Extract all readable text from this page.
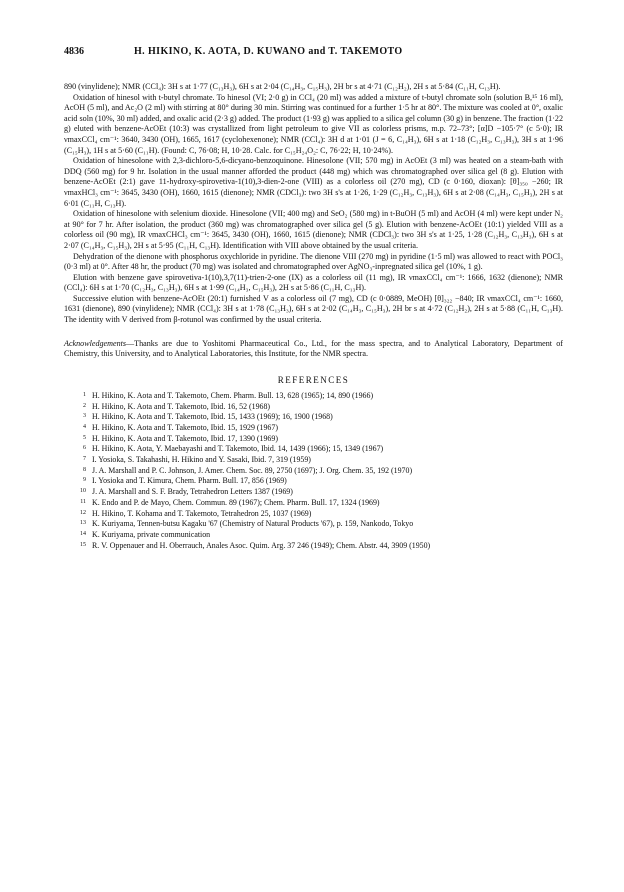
4836	H. HIKINO, K. AOTA, D. KUWANO and T. TAKEMOTO

890 (vinylidene); NMR (CCl₄): 3H s at 1·77 (C₁₃H₃), 6H s at 2·04 (C₁₄H₃, C₁₅H₃), 2H br s at 4·71 (C₁₂H₂), 2H s at 5·84 (C₁₁H, C₁₃H).

Oxidation of hinesol with t-butyl chromate. To hinesol (VI; 2·0 g) in CCl₄ (20 ml) was added a mixture of t-butyl chromate soln (solution B,¹⁵ 16 ml), AcOH (5 ml), and Ac₂O (2 ml) with stirring at 80° during 30 min. Stirring was continued for a further 1·5 hr at 80°. The mixture was cooled at 0°, oxalic acid soln (10%, 30 ml) added, and oxalic acid (2·3 g) added. The product (1·93 g) was applied to a silica gel column (30 g) in benzene. The fraction (1·22 g) eluted with benzene-AcOEt (10:3) was crystallized from light petroleum to give VII as colorless prisms, m.p. 72–73°; [α]D −105·7° (c 5·0); IR νmaxCCl₄ cm⁻¹: 3640, 3430 (OH), 1665, 1617 (cyclohexenone); NMR (CCl₄): 3H d at 1·01 (J = 6, C₁₄H₃), 6H s at 1·18 (C₁₂H₃, C₁₃H₃), 3H s at 1·96 (C₁₅H₃), 1H s at 5·60 (C₁₁H). (Found: C, 76·08; H, 10·28. Calc. for C₁₅H₂₄O₂: C, 76·22; H, 10·24%).

Oxidation of hinesolone with 2,3-dichloro-5,6-dicyano-benzoquinone. Hinesolone (VII; 570 mg) in AcOEt (3 ml) was heated on a steam-bath with DDQ (560 mg) for 9 hr. Isolation in the usual manner afforded the product (448 mg) which was chromatographed over silica gel (8 g). Elution with benzene-AcOEt (2:1) gave 11-hydroxy-spirovetiva-1(10),3-dien-2-one (VIII) as a colorless oil (270 mg), CD (c 0·160, dioxan): [θ]₃₅₀ −260; IR νmaxHCl₃ cm⁻¹: 3645, 3430 (OH), 1660, 1615 (dienone); NMR (CDCl₃): two 3H s's at 1·26, 1·29 (C₁₂H₃, C₁₃H₃), 6H s at 2·08 (C₁₄H₃, C₁₅H₃), 2H s at 6·01 (C₁₁H, C₁₃H).

Oxidation of hinesolone with selenium dioxide. Hinesolone (VII; 400 mg) and SeO₂ (580 mg) in t-BuOH (5 ml) and AcOH (4 ml) were kept under N₂ at 90° for 7 hr. After isolation, the product (360 mg) was chromatographed over silica gel (5 g). Elution with benzene-AcOEt (10:1) yielded VIII as a colorless oil (90 mg), IR νmaxCHCl₃ cm⁻¹: 3645, 3430 (OH), 1660, 1615 (dienone); NMR (CDCl₃): two 3H s's at 1·25, 1·28 (C₁₂H₃, C₁₃H₃), 6H s at 2·07 (C₁₄H₃, C₁₅H₃), 2H s at 5·95 (C₁₁H, C₁₃H). Identification with VIII above obtained by the usual criteria.

Dehydration of the dienone with phosphorus oxychloride in pyridine. The dienone VIII (270 mg) in pyridine (1·5 ml) was allowed to react with POCl₃ (0·3 ml) at 0°. After 48 hr, the product (70 mg) was isolated and chromatographed over AgNO₃-inpregnated silica gel (10%, 1 g).

Elution with benzene gave spirovetiva-1(10),3,7(11)-trien-2-one (IX) as a colorless oil (11 mg), IR νmaxCCl₄ cm⁻¹: 1666, 1632 (dienone); NMR (CCl₄): 6H s at 1·70 (C₁₂H₃, C₁₃H₃), 6H s at 1·99 (C₁₄H₃, C₁₅H₃), 2H s at 5·86 (C₁₁H, C₁₃H).

Successive elution with benzene-AcOEt (20:1) furnished V as a colorless oil (7 mg), CD (c 0·0889, MeOH) [θ]₃₂₂ −840; IR νmaxCCl₄ cm⁻¹: 1660, 1631 (dienone), 890 (vinylidene); NMR (CCl₄): 3H s at 1·78 (C₁₃H₃), 6H s at 2·02 (C₁₄H₃, C₁₅H₃), 2H br s at 4·72 (C₁₂H₂), 2H s at 5·88 (C₁₁H, C₁₃H). The identity with V derived from β-rotunol was confirmed by the usual criteria.

Acknowledgements—Thanks are due to Yoshitomi Pharmaceutical Co., Ltd., for the mass spectra, and to Analytical Laboratory, Department of Chemistry, this University, and to Analytical Laboratories, this Institute, for the NMR spectra.
REFERENCES
1 H. Hikino, K. Aota and T. Takemoto, Chem. Pharm. Bull. 13, 628 (1965); 14, 890 (1966)
2 H. Hikino, K. Aota and T. Takemoto, Ibid. 16, 52 (1968)
3 H. Hikino, K. Aota and T. Takemoto, Ibid. 15, 1433 (1969); 16, 1900 (1968)
4 H. Hikino, K. Aota and T. Takemoto, Ibid. 15, 1929 (1967)
5 H. Hikino, K. Aota and T. Takemoto, Ibid. 17, 1390 (1969)
6 H. Hikino, K. Aota, Y. Maebayashi and T. Takemoto, Ibid. 14, 1439 (1966); 15, 1349 (1967)
7 I. Yosioka, S. Takahashi, H. Hikino and Y. Sasaki, Ibid. 7, 319 (1959)
8 J. A. Marshall and P. C. Johnson, J. Amer. Chem. Soc. 89, 2750 (1697); J. Org. Chem. 35, 192 (1970)
9 I. Yosioka and T. Kimura, Chem. Pharm. Bull. 17, 856 (1969)
10 J. A. Marshall and S. F. Brady, Tetrahedron Letters 1387 (1969)
11 K. Endo and P. de Mayo, Chem. Commun. 89 (1967); Chem. Pharm. Bull. 17, 1324 (1969)
12 H. Hikino, T. Kohama and T. Takemoto, Tetrahedron 25, 1037 (1969)
13 K. Kuriyama, Tennen-butsu Kagaku '67 (Chemistry of Natural Products '67), p. 159, Nankodo, Tokyo
14 K. Kuriyama, private communication
15 R. V. Oppenauer and H. Oberrauch, Anales Asoc. Quim. Arg. 37 246 (1949); Chem. Abstr. 44, 3909 (1950)
